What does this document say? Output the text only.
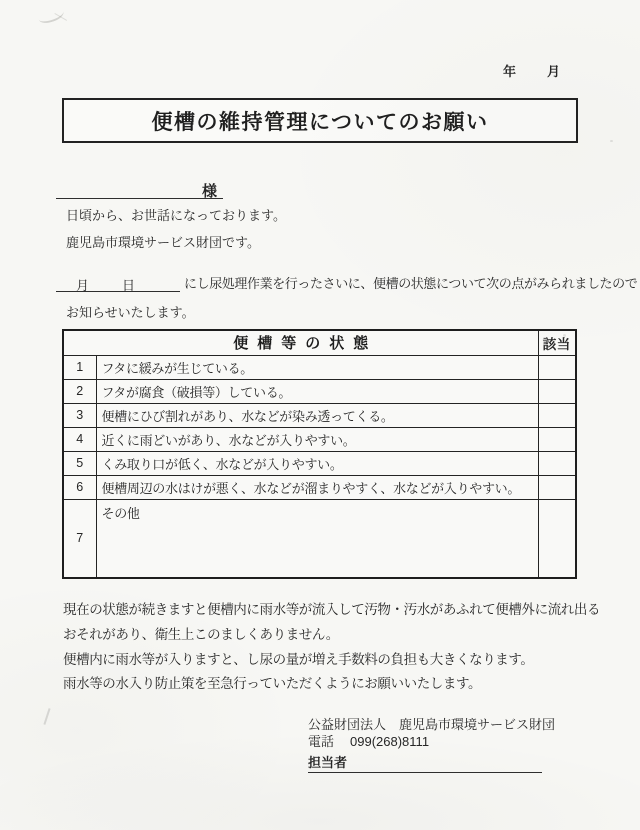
年 月
便槽の維持管理についてのお願い
様
日頃から、お世話になっております。
鹿児島市環境サービス財団です。
月	日	にし尿処理作業を行ったさいに、便槽の状態について次の点がみられましたので
お知らせいたします。
便槽等の状態		該当
1	フタに緩みが生じている。	
2	フタが腐食（破損等）している。	
3	便槽にひび割れがあり、水などが染み透ってくる。	
4	近くに雨どいがあり、水などが入りやすい。	
5	くみ取り口が低く、水などが入りやすい。	
6	便槽周辺の水はけが悪く、水などが溜まりやすく、水などが入りやすい。	
7	その他	
現在の状態が続きますと便槽内に雨水等が流入して汚物・汚水があふれて便槽外に流れ出る
おそれがあり、衛生上このましくありません。
便槽内に雨水等が入りますと、し尿の量が増え手数料の負担も大きくなります。
雨水等の水入り防止策を至急行っていただくようにお願いいたします。
公益財団法人　鹿児島市環境サービス財団
電話 099(268)8111
担当者
